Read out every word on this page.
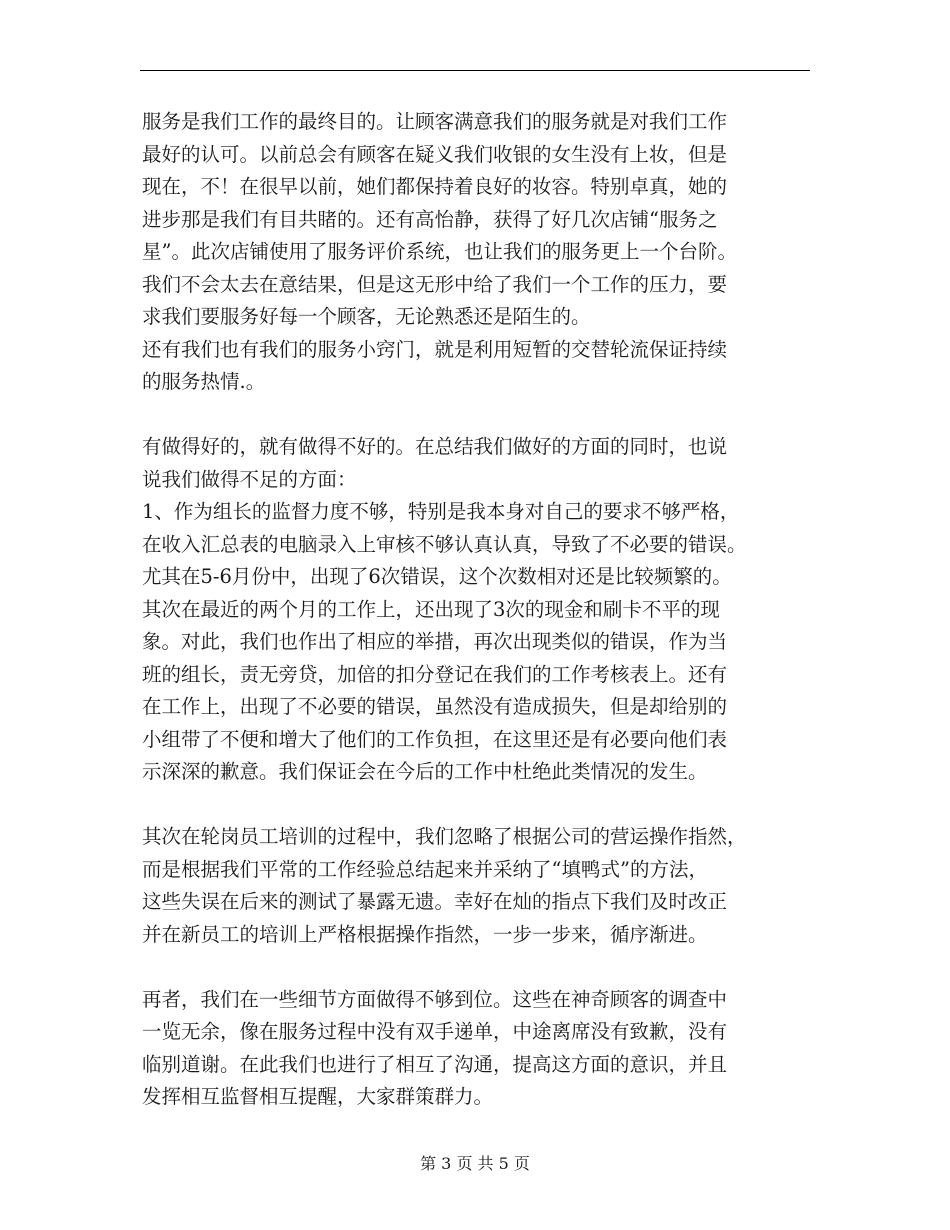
服务是我们工作的最终目的。让顾客满意我们的服务就是对我们工作
最好的认可。以前总会有顾客在疑义我们收银的女生没有上妆，但是
现在，不！在很早以前，她们都保持着良好的妆容。特别卓真，她的
进步那是我们有目共睹的。还有高怡静，获得了好几次店铺“服务之
星”。此次店铺使用了服务评价系统，也让我们的服务更上一个台阶。
我们不会太去在意结果，但是这无形中给了我们一个工作的压力，要
求我们要服务好每一个顾客，无论熟悉还是陌生的。

还有我们也有我们的服务小窍门，就是利用短暂的交替轮流保证持续
的服务热情.。

有做得好的，就有做得不好的。在总结我们做好的方面的同时，也说
说我们做得不足的方面：

1、作为组长的监督力度不够，特别是我本身对自己的要求不够严格，
在收入汇总表的电脑录入上审核不够认真认真，导致了不必要的错误。
尤其在5-6月份中，出现了6次错误，这个次数相对还是比较频繁的。
其次在最近的两个月的工作上，还出现了3次的现金和刷卡不平的现
象。对此，我们也作出了相应的举措，再次出现类似的错误，作为当
班的组长，责无旁贷，加倍的扣分登记在我们的工作考核表上。还有
在工作上，出现了不必要的错误，虽然没有造成损失，但是却给别的
小组带了不便和增大了他们的工作负担，在这里还是有必要向他们表
示深深的歉意。我们保证会在今后的工作中杜绝此类情况的发生。

其次在轮岗员工培训的过程中，我们忽略了根据公司的营运操作指然，
而是根据我们平常的工作经验总结起来并采纳了“填鸭式”的方法，
这些失误在后来的测试了暴露无遗。幸好在灿的指点下我们及时改正
并在新员工的培训上严格根据操作指然，一步一步来，循序渐进。

再者，我们在一些细节方面做得不够到位。这些在神奇顾客的调查中
一览无余，像在服务过程中没有双手递单，中途离席没有致歉，没有
临别道谢。在此我们也进行了相互了沟通，提高这方面的意识，并且
发挥相互监督相互提醒，大家群策群力。

第 3 页 共 5 页
